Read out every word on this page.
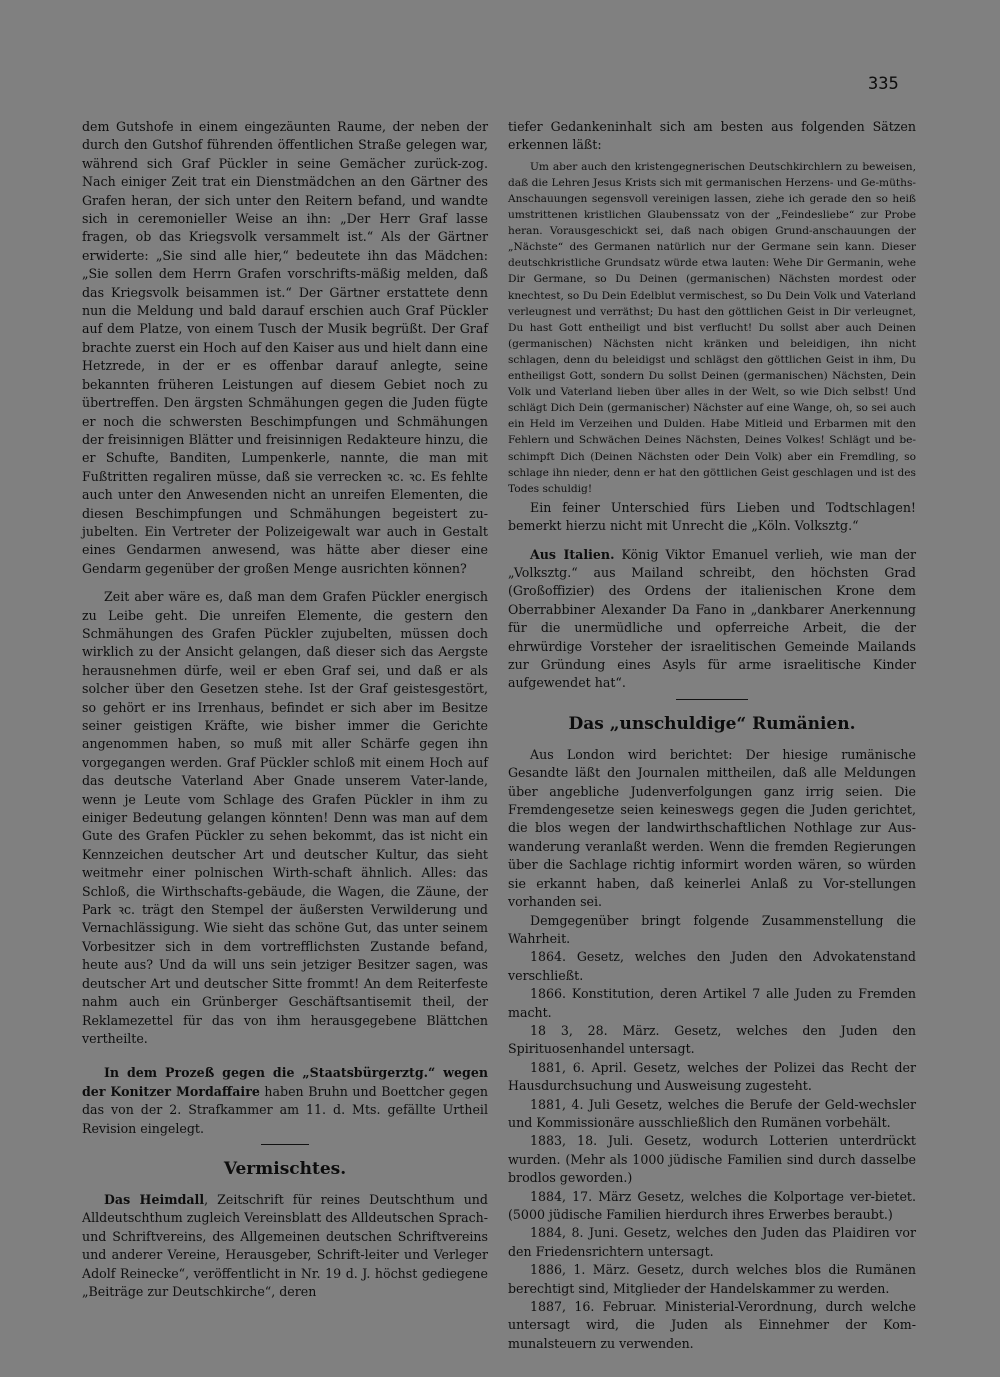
335

dem Gutshofe in einem eingezäunten Raume, der neben der durch den Gutshof führenden öffentlichen Straße gelegen war, während sich Graf Pückler in seine Gemächer zurück-zog. Nach einiger Zeit trat ein Dienstmädchen an den Gärtner des Grafen heran, der sich unter den Reitern befand, und wandte sich in ceremonieller Weise an ihn: „Der Herr Graf lasse fragen, ob das Kriegsvolk versammelt ist.“ Als der Gärtner erwiderte: „Sie sind alle hier,“ bedeutete ihn das Mädchen: „Sie sollen dem Herrn Grafen vorschrifts-mäßig melden, daß das Kriegsvolk beisammen ist.“ Der Gärtner erstattete denn nun die Meldung und bald darauf erschien auch Graf Pückler auf dem Platze, von einem Tusch der Musik begrüßt. Der Graf brachte zuerst ein Hoch auf den Kaiser aus und hielt dann eine Hetzrede, in der er es offenbar darauf anlegte, seine bekannten früheren Leistungen auf diesem Gebiet noch zu übertreffen. Den ärgsten Schmähungen gegen die Juden fügte er noch die schwersten Beschimpfungen und Schmähungen der freisinnigen Blätter und freisinnigen Redakteure hinzu, die er Schufte, Banditen, Lumpenkerle, nannte, die man mit Fußtritten regaliren müsse, daß sie verrecken ꝛc. ꝛc. Es fehlte auch unter den Anwesenden nicht an unreifen Elementen, die diesen Beschimpfungen und Schmähungen begeistert zu-jubelten. Ein Vertreter der Polizeigewalt war auch in Gestalt eines Gendarmen anwesend, was hätte aber dieser eine Gendarm gegenüber der großen Menge ausrichten können?

Zeit aber wäre es, daß man dem Grafen Pückler energisch zu Leibe geht. Die unreifen Elemente, die gestern den Schmähungen des Grafen Pückler zujubelten, müssen doch wirklich zu der Ansicht gelangen, daß dieser sich das Aergste herausnehmen dürfe, weil er eben Graf sei, und daß er als solcher über den Gesetzen stehe. Ist der Graf geistesgestört, so gehört er ins Irrenhaus, befindet er sich aber im Besitze seiner geistigen Kräfte, wie bisher immer die Gerichte angenommen haben, so muß mit aller Schärfe gegen ihn vorgegangen werden. Graf Pückler schloß mit einem Hoch auf das deutsche Vaterland Aber Gnade unserem Vater-lande, wenn je Leute vom Schlage des Grafen Pückler in ihm zu einiger Bedeutung gelangen könnten! Denn was man auf dem Gute des Grafen Pückler zu sehen bekommt, das ist nicht ein Kennzeichen deutscher Art und deutscher Kultur, das sieht weitmehr einer polnischen Wirth-schaft ähnlich. Alles: das Schloß, die Wirthschafts-gebäude, die Wagen, die Zäune, der Park ꝛc. trägt den Stempel der äußersten Verwilderung und Vernachlässigung. Wie sieht das schöne Gut, das unter seinem Vorbesitzer sich in dem vortrefflichsten Zustande befand, heute aus? Und da will uns sein jetziger Besitzer sagen, was deutscher Art und deutscher Sitte frommt! An dem Reiterfeste nahm auch ein Grünberger Geschäftsantisemit theil, der Reklamezettel für das von ihm herausgegebene Blättchen vertheilte.

In dem Prozeß gegen die „Staatsbürgerztg.“ wegen der Konitzer Mordaffaire haben Bruhn und Boettcher gegen das von der 2. Strafkammer am 11. d. Mts. gefällte Urtheil Revision eingelegt.

Vermischtes.

Das Heimdall, Zeitschrift für reines Deutschthum und Alldeutschthum zugleich Vereinsblatt des Alldeutschen Sprach- und Schriftvereins, des Allgemeinen deutschen Schriftvereins und anderer Vereine, Herausgeber, Schrift-leiter und Verleger Adolf Reinecke“, veröffentlicht in Nr. 19 d. J. höchst gediegene „Beiträge zur Deutschkirche“, deren

tiefer Gedankeninhalt sich am besten aus folgenden Sätzen erkennen läßt:

Um aber auch den kristengegnerischen Deutschkirchlern zu beweisen, daß die Lehren Jesus Krists sich mit germanischen Herzens- und Ge-müths-Anschauungen segensvoll vereinigen lassen, ziehe ich gerade den so heiß umstrittenen kristlichen Glaubenssatz von der „Feindesliebe“ zur Probe heran. Vorausgeschickt sei, daß nach obigen Grund-anschauungen der „Nächste“ des Germanen natürlich nur der Germane sein kann. Dieser deutschkristliche Grundsatz würde etwa lauten: Wehe Dir Germanin, wehe Dir Germane, so Du Deinen (germanischen) Nächsten mordest oder knechtest, so Du Dein Edelblut vermischest, so Du Dein Volk und Vaterland verleugnest und verräthst; Du hast den göttlichen Geist in Dir verleugnet, Du hast Gott entheiligt und bist verflucht! Du sollst aber auch Deinen (germanischen) Nächsten nicht kränken und beleidigen, ihn nicht schlagen, denn du beleidigst und schlägst den göttlichen Geist in ihm, Du entheiligst Gott, sondern Du sollst Deinen (germanischen) Nächsten, Dein Volk und Vaterland lieben über alles in der Welt, so wie Dich selbst! Und schlägt Dich Dein (germanischer) Nächster auf eine Wange, oh, so sei auch ein Held im Verzeihen und Dulden. Habe Mitleid und Erbarmen mit den Fehlern und Schwächen Deines Nächsten, Deines Volkes! Schlägt und be-schimpft Dich (Deinen Nächsten oder Dein Volk) aber ein Fremdling, so schlage ihn nieder, denn er hat den göttlichen Geist geschlagen und ist des Todes schuldig!

Ein feiner Unterschied fürs Lieben und Todtschlagen! bemerkt hierzu nicht mit Unrecht die „Köln. Volksztg.“

Aus Italien. König Viktor Emanuel verlieh, wie man der „Volksztg.“ aus Mailand schreibt, den höchsten Grad (Großoffizier) des Ordens der italienischen Krone dem Oberrabbiner Alexander Da Fano in „dankbarer Anerkennung für die unermüdliche und opferreiche Arbeit, die der ehrwürdige Vorsteher der israelitischen Gemeinde Mailands zur Gründung eines Asyls für arme israelitische Kinder aufgewendet hat“.

Das „unschuldige“ Rumänien.

Aus London wird berichtet: Der hiesige rumänische Gesandte läßt den Journalen mittheilen, daß alle Meldungen über angebliche Judenverfolgungen ganz irrig seien. Die Fremdengesetze seien keineswegs gegen die Juden gerichtet, die blos wegen der landwirthschaftlichen Nothlage zur Aus-wanderung veranlaßt werden. Wenn die fremden Regierungen über die Sachlage richtig informirt worden wären, so würden sie erkannt haben, daß keinerlei Anlaß zu Vor-stellungen vorhanden sei.

Demgegenüber bringt folgende Zusammenstellung die Wahrheit.

1864. Gesetz, welches den Juden den Advokatenstand verschließt.

1866. Konstitution, deren Artikel 7 alle Juden zu Fremden macht.

18 3, 28. März. Gesetz, welches den Juden den Spirituosenhandel untersagt.

1881, 6. April. Gesetz, welches der Polizei das Recht der Hausdurchsuchung und Ausweisung zugesteht.

1881, 4. Juli Gesetz, welches die Berufe der Geld-wechsler und Kommissionäre ausschließlich den Rumänen vorbehält.

1883, 18. Juli. Gesetz, wodurch Lotterien unterdrückt wurden. (Mehr als 1000 jüdische Familien sind durch dasselbe brodlos geworden.)

1884, 17. März Gesetz, welches die Kolportage ver-bietet. (5000 jüdische Familien hierdurch ihres Erwerbes beraubt.)

1884, 8. Juni. Gesetz, welches den Juden das Plaidiren vor den Friedensrichtern untersagt.

1886, 1. März. Gesetz, durch welches blos die Rumänen berechtigt sind, Mitglieder der Handelskammer zu werden.

1887, 16. Februar. Ministerial-Verordnung, durch welche untersagt wird, die Juden als Einnehmer der Kom-munalsteuern zu verwenden.
